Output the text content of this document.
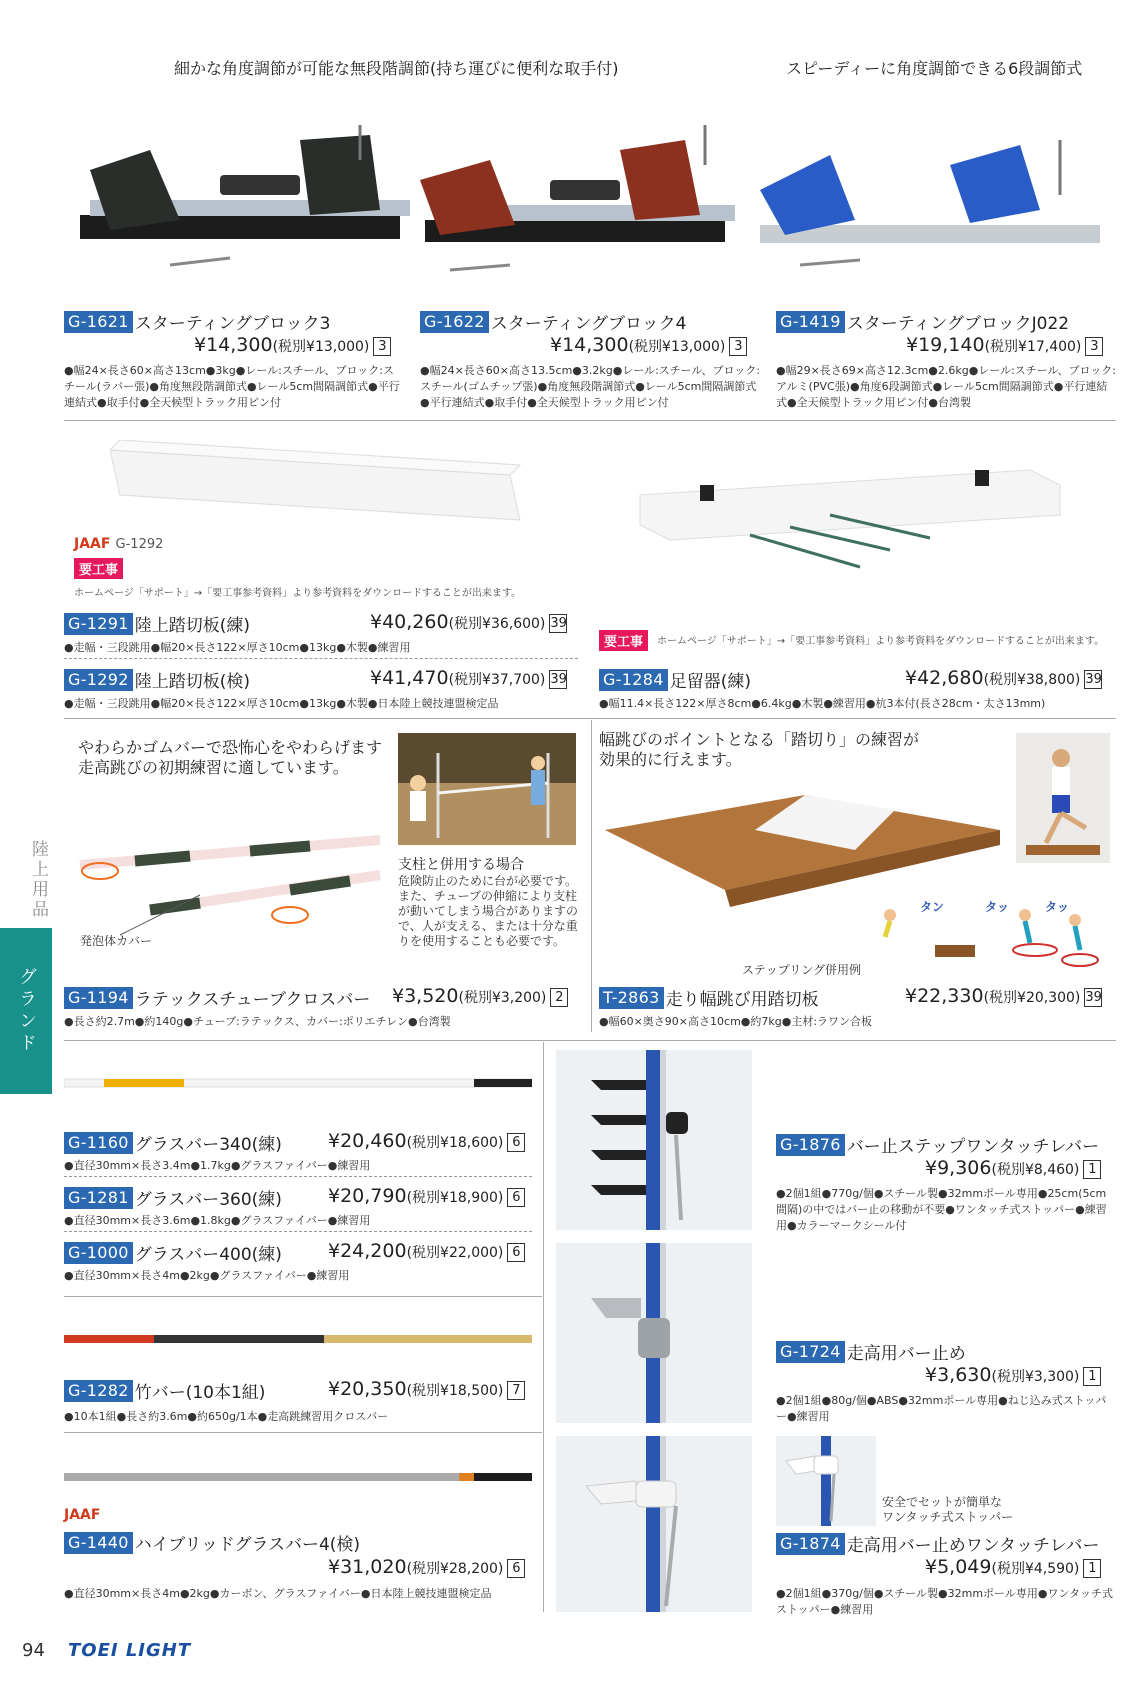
細かな角度調節が可能な無段階調節(持ち運びに便利な取手付)	スピーディーに角度調節できる6段調節式
G-1621 スターティングブロック3
¥14,300(税別¥13,000) 3
●幅24×長さ60×高さ13cm●3kg●レール:スチール、ブロック:スチール(ラバー張)●角度無段階調節式●レール5cm間隔調節式●平行連結式●取手付●全天候型トラック用ピン付
G-1622 スターティングブロック4
¥14,300(税別¥13,000) 3
●幅24×長さ60×高さ13.5cm●3.2kg●レール:スチール、ブロック:スチール(ゴムチップ張)●角度無段階調節式●レール5cm間隔調節式●平行連結式●取手付●全天候型トラック用ピン付
G-1419 スターティングブロックJ022
¥19,140(税別¥17,400) 3
●幅29×長さ69×高さ12.3cm●2.6kg●レール:スチール、ブロック:アルミ(PVC張)●角度6段調節式●レール5cm間隔調節式●平行連結式●全天候型トラック用ピン付●台湾製
JAAF G-1292
要工事
ホームページ「サポート」→「要工事参考資料」より参考資料をダウンロードすることが出来ます。
G-1291 陸上踏切板(練)	¥40,260(税別¥36,600) 39
●走幅・三段跳用●幅20×長さ122×厚さ10cm●13kg●木製●練習用
G-1292 陸上踏切板(検)	¥41,470(税別¥37,700) 39
●走幅・三段跳用●幅20×長さ122×厚さ10cm●13kg●木製●日本陸上競技連盟検定品
要工事	ホームページ「サポート」→「要工事参考資料」より参考資料をダウンロードすることが出来ます。
G-1284 足留器(練)	¥42,680(税別¥38,800) 39
●幅11.4×長さ122×厚さ8cm●6.4kg●木製●練習用●杭3本付(長さ28cm・太さ13mm)
やわらかゴムバーで恐怖心をやわらげます
走高跳びの初期練習に適しています。
発泡体カバー
支柱と併用する場合
危険防止のために台が必要です。また、チューブの伸縮により支柱が動いてしまう場合がありますので、人が支える、または十分な重りを使用することも必要です。
G-1194 ラテックスチューブクロスバー ¥3,520(税別¥3,200) 2
●長さ約2.7m●約140g●チューブ:ラテックス、カバー:ポリエチレン●台湾製
幅跳びのポイントとなる「踏切り」の練習が
効果的に行えます。
タン	タッ	タッ
ステップリング併用例
T-2863 走り幅跳び用踏切板	¥22,330(税別¥20,300) 39
●幅60×奥さ90×高さ10cm●約7kg●主材:ラワン合板
陸上用品
グランド
G-1160 グラスバー340(練) ¥20,460(税別¥18,600) 6
●直径30mm×長さ3.4m●1.7kg●グラスファイバー●練習用
G-1281 グラスバー360(練) ¥20,790(税別¥18,900) 6
●直径30mm×長さ3.6m●1.8kg●グラスファイバー●練習用
G-1000 グラスバー400(練) ¥24,200(税別¥22,000) 6
●直径30mm×長さ4m●2kg●グラスファイバー●練習用
G-1282 竹バー(10本1組)	¥20,350(税別¥18,500) 7
●10本1組●長さ約3.6m●約650g/1本●走高跳練習用クロスバー
JAAF
G-1440 ハイブリッドグラスバー4(検)
¥31,020(税別¥28,200) 6
●直径30mm×長さ4m●2kg●カーボン、グラスファイバー●日本陸上競技連盟検定品
G-1876 バー止ステップワンタッチレバー
¥9,306(税別¥8,460) 1
●2個1組●770g/個●スチール製●32mmポール専用●25cm(5cm間隔)の中ではバー止の移動が不要●ワンタッチ式ストッパー●練習用●カラーマークシール付
G-1724 走高用バー止め
¥3,630(税別¥3,300) 1
●2個1組●80g/個●ABS●32mmポール専用●ねじ込み式ストッパー●練習用
安全でセットが簡単な
ワンタッチ式ストッパー
G-1874 走高用バー止めワンタッチレバー
¥5,049(税別¥4,590) 1
●2個1組●370g/個●スチール製●32mmポール専用●ワンタッチ式ストッパー●練習用
94 TOEI LIGHT
